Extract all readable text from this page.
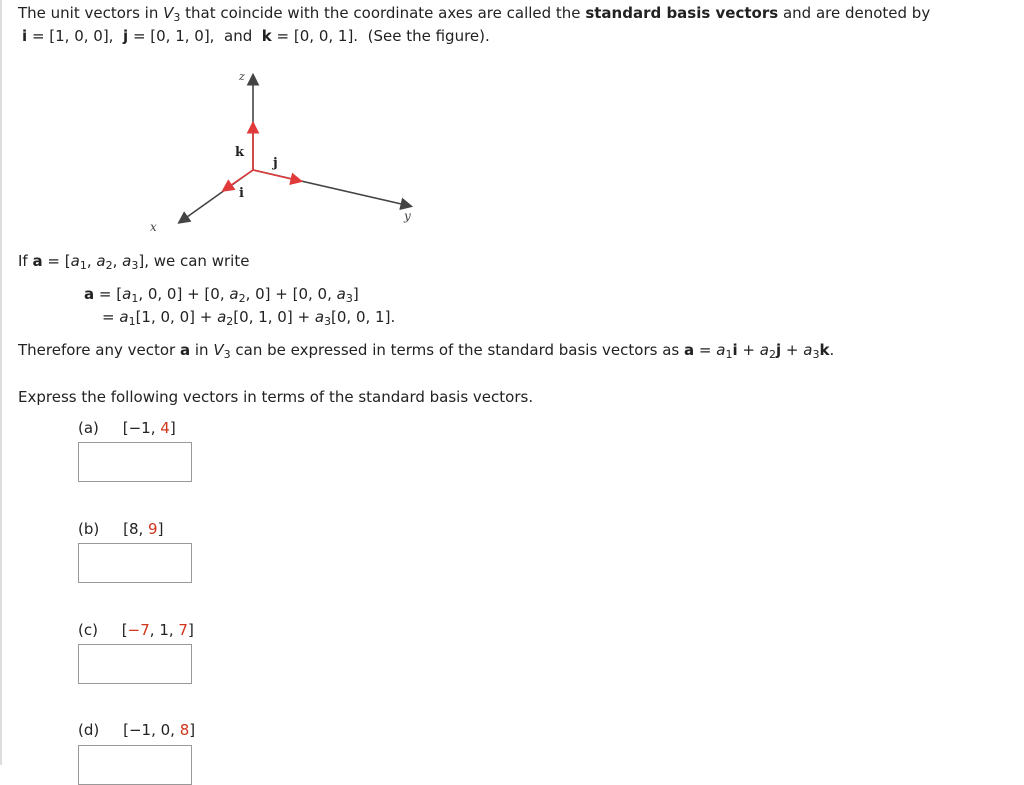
The unit vectors in $V_3$ that coincide with the coordinate axes are called the standard basis vectors and are denoted by
i = [1, 0, 0], j = [0, 1, 0], and k = [0, 0, 1]. (See the figure).
z
y
x
k
j
i
If $a = [a_1$, $a_2$, $a_3$], we can write
$a = [a_1$, 0, 0] + [0, $a_2$, 0] + [0, 0, $a_3$]
= $a_1[1$, 0, $0] + a_2[0$, 1, $0] + a_3[0$, 0, 1].
Therefore any vector a in $V_3$ can be expressed in terms of the standard basis vectors as $a = a_1i + a_2j + a_3k$.
Express the following vectors in terms of the standard basis vectors.
(a) [−1, 4]
(b) [8, 9]
(c) [−7, 1, 7]
(d) [−1, 0, 8]
